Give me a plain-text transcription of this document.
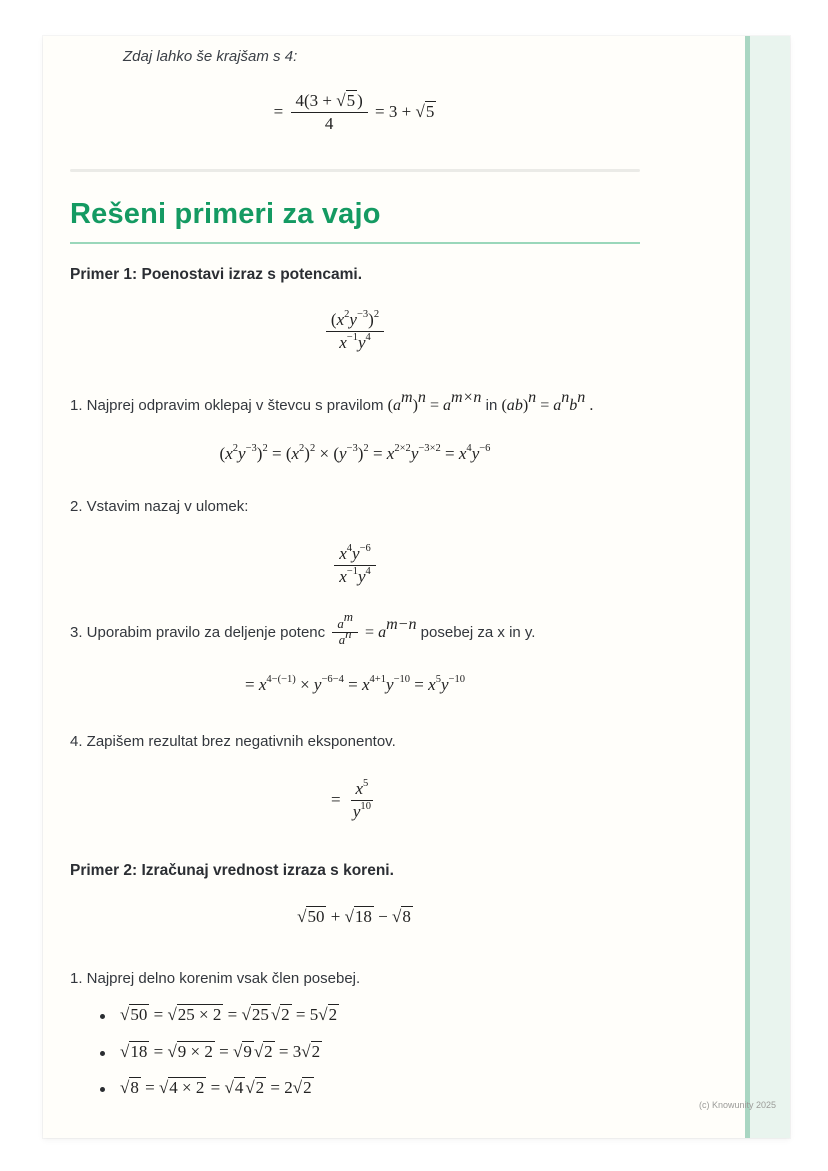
Zdaj lahko še krajšam s 4:
= $\frac{4(3 + √5 )}{4} = 3 + √5$
Rešeni primeri za vajo
Primer 1: Poenostavi izraz s potencami.
$\frac{(x^2y^{-3})^2}{x^{-1}y^4}$
1. Najprej odpravim oklepaj v števcu s pravilom $(a^m)^n = a^{m\times n}$ in $(ab)^n = a^nb^n$ .
$(x^2y^{-3})^2 = (x^2)^2 \times (y^{-3})^2 = x^{2\times 2}y^{-3\times 2} = x^4y^{-6}$
2. Vstavim nazaj v ulomek:
$\frac{x^4y^{-6}}{x^{-1}y^4}$
3. Uporabim pravilo za deljenje potenc $\frac{a^m}{a^n} = a^{m-n}$ posebej za x in y.
= $x^{4-(-1)} \times y^{-6-4} = x^{4+1}y^{-10} = x^5y^{-10}$
4. Zapišem rezultat brez negativnih eksponentov.
= $\frac{x^5}{y^{10}}$
Primer 2: Izračunaj vrednost izraza s koreni.
√50 + √18 − √8
1. Najprej delno korenim vsak člen posebej.
√50 = √25 × 2 = √25 √2 = 5√2
√18 = √9 × 2 = √9 √2 = 3√2
√8 = √4 × 2 = √4 √2 = 2√2
(c) Knowunity 2025
